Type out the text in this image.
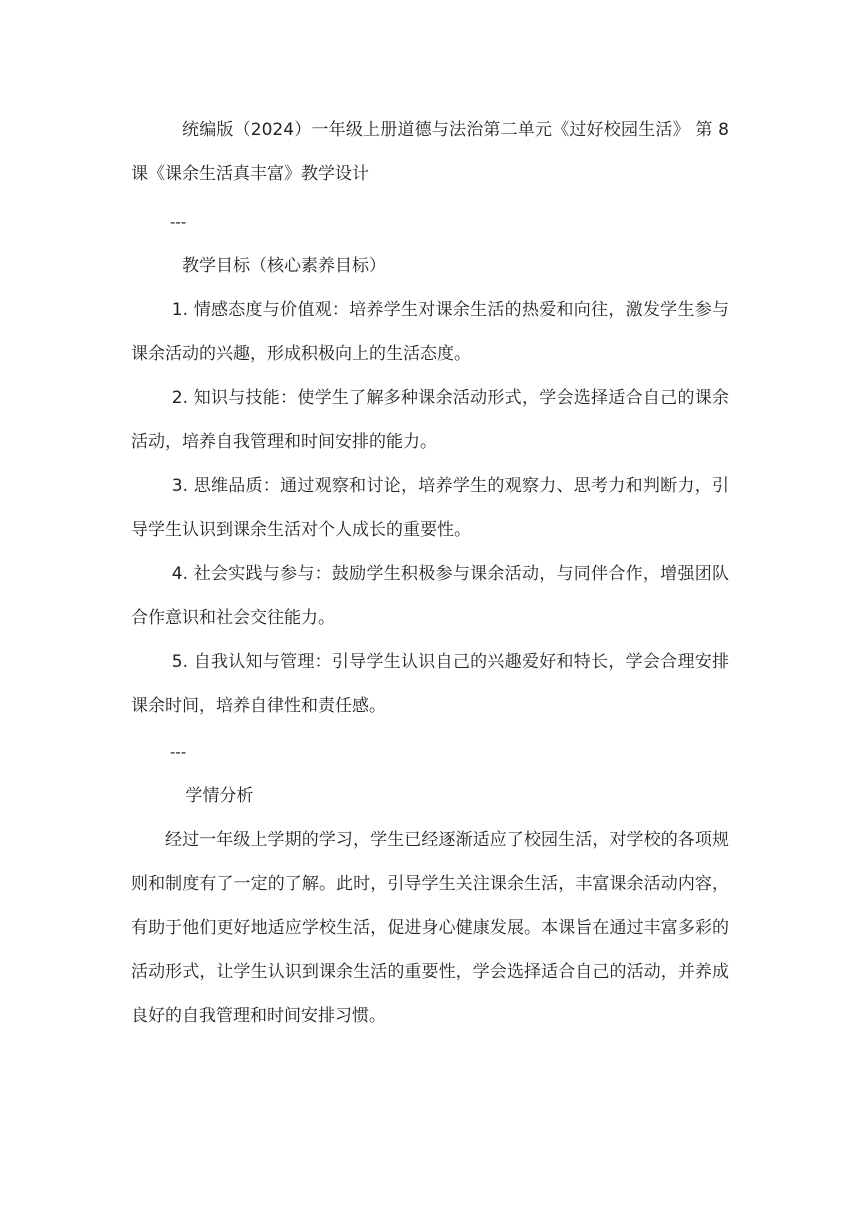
统编版（2024）一年级上册道德与法治第二单元《过好校园生活》 第 8 课《课余生活真丰富》教学设计

---

教学目标（核心素养目标）

1. 情感态度与价值观：培养学生对课余生活的热爱和向往，激发学生参与课余活动的兴趣，形成积极向上的生活态度。

2. 知识与技能：使学生了解多种课余活动形式，学会选择适合自己的课余活动，培养自我管理和时间安排的能力。

3. 思维品质：通过观察和讨论，培养学生的观察力、思考力和判断力，引导学生认识到课余生活对个人成长的重要性。

4. 社会实践与参与：鼓励学生积极参与课余活动，与同伴合作，增强团队合作意识和社会交往能力。

5. 自我认知与管理：引导学生认识自己的兴趣爱好和特长，学会合理安排课余时间，培养自律性和责任感。

---

学情分析

经过一年级上学期的学习，学生已经逐渐适应了校园生活，对学校的各项规则和制度有了一定的了解。此时，引导学生关注课余生活，丰富课余活动内容，有助于他们更好地适应学校生活，促进身心健康发展。本课旨在通过丰富多彩的活动形式，让学生认识到课余生活的重要性，学会选择适合自己的活动，并养成良好的自我管理和时间安排习惯。
